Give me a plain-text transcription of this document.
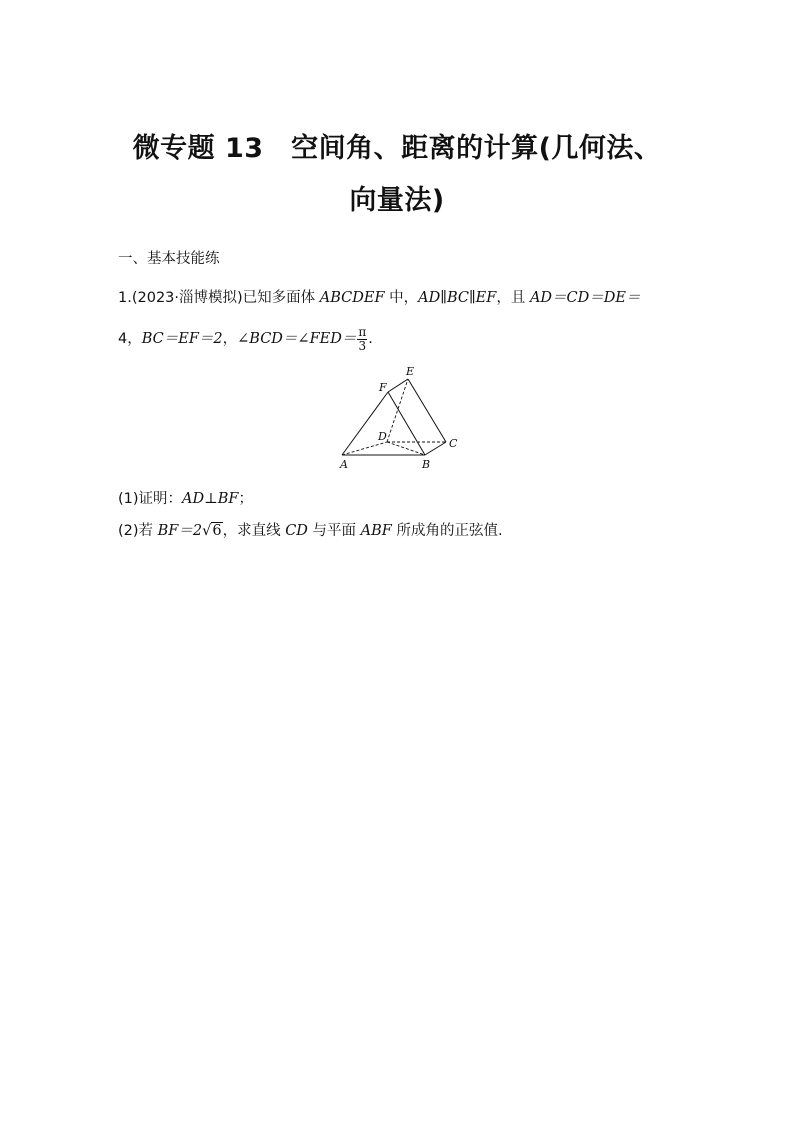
微专题 13　空间角、距离的计算(几何法、
向量法)

一、基本技能练

1.(2023·淄博模拟)已知多面体 ABCDEF 中，AD∥BC∥EF，且 AD＝CD＝DE＝

4，BC＝EF＝2，∠BCD＝∠FED＝ $\frac{\pi}{3}$ .

A	B
C
D
E
F

(1)证明：AD⊥BF；

(2)若 BF＝2√6，求直线 CD 与平面 ABF 所成角的正弦值.
